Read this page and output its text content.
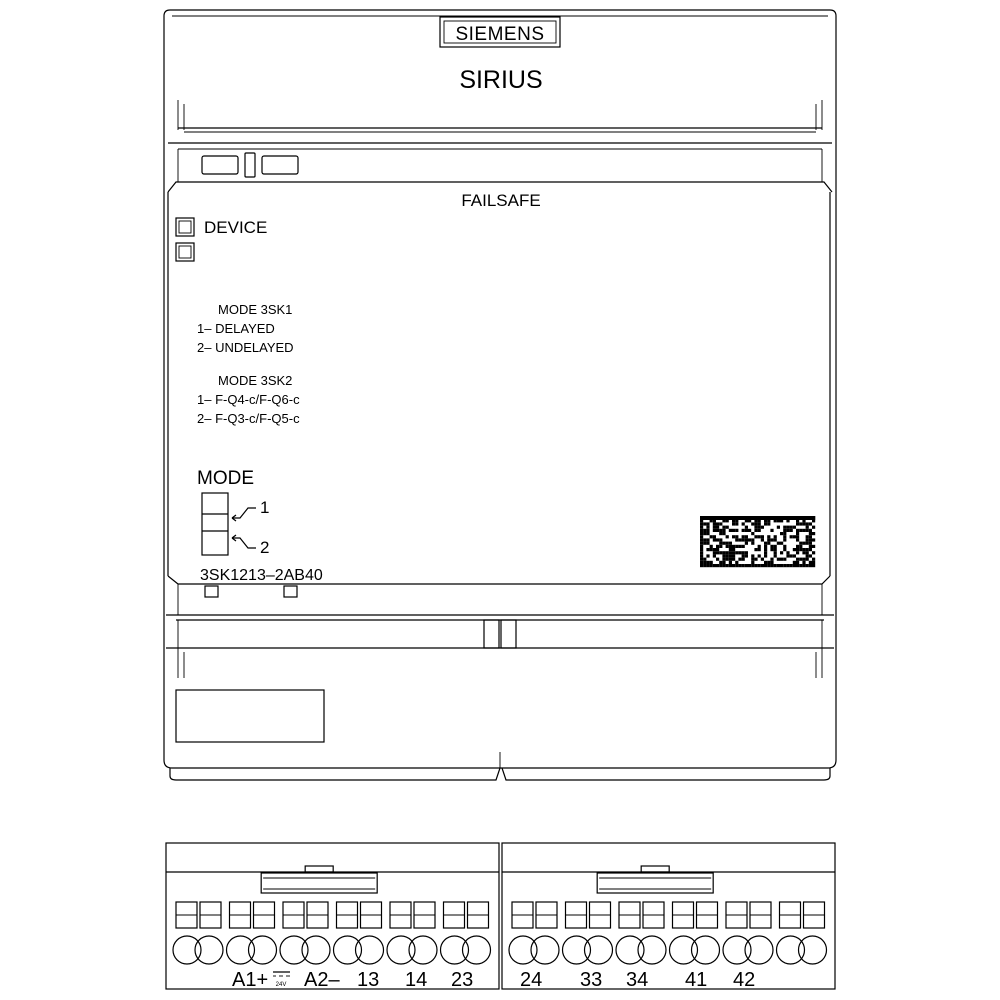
SIEMENS
SIRIUS
FAILSAFE
DEVICE
MODE 3SK1
1– DELAYED
2– UNDELAYED
MODE 3SK2
1– F-Q4-c/F-Q6-c
2– F-Q3-c/F-Q5-c
MODE
1
2
3SK1213–2AB40
A1+ 24V A2– 13 14 23 24 33 34 41 42
